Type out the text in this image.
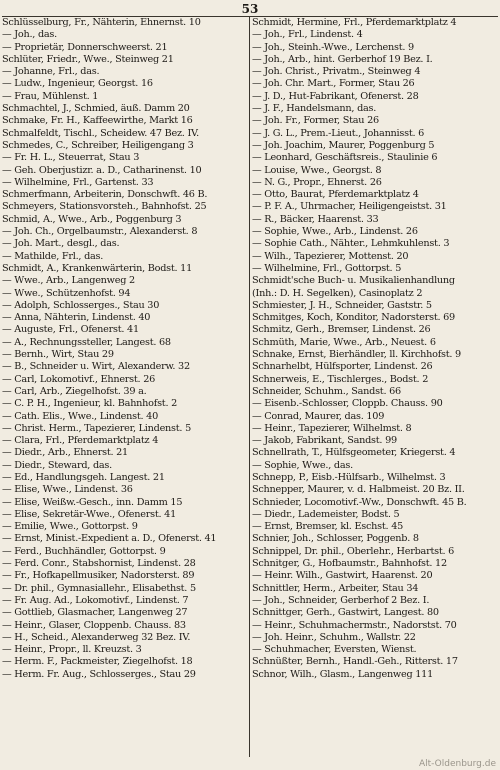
53
Schlüsselburg, Fr., Nähterin, Ehnernst. 10
— Joh., das.
— Proprietär, Donnerschweerst. 21
Schlüter, Friedr., Wwe., Steinweg 21
— Johanne, Frl., das.
— Ludw., Ingenieur, Georgst. 16
— Frau, Mühlenst. 1
Schmachtel, J., Schmied, äuß. Damm 20
Schmake, Fr. H., Kaffeewirthe, Markt 16
Schmalfeldt, Tischl., Scheidew. 47 Bez. IV.
Schmedes, C., Schreiber, Heiligengang 3
— Fr. H. L., Steuerrat, Stau 3
— Geh. Oberjustizr. a. D., Catharinenst. 10
— Wilhelmine, Frl., Gartenst. 33
Schmerfmann, Arbeiterin, Donschwft. 46 B.
Schmeyers, Stationsvorsteh., Bahnhofst. 25
Schmid, A., Wwe., Arb., Poggenburg 3
— Joh. Ch., Orgelbaumstr., Alexanderst. 8
— Joh. Mart., desgl., das.
— Mathilde, Frl., das.
Schmidt, A., Krankenwärterin, Bodst. 11
— Wwe., Arb., Langenweg 2
— Wwe., Schützenhofst. 94
— Adolph, Schlosserges., Stau 30
— Anna, Nähterin, Lindenst. 40
— Auguste, Frl., Ofenerst. 41
— A., Rechnungssteller, Langest. 68
— Bernh., Wirt, Stau 29
— B., Schneider u. Wirt, Alexanderw. 32
— Carl, Lokomotivf., Ehnerst. 26
— Carl, Arb., Ziegelhofst. 39 a.
— C. P. H., Ingenieur, kl. Bahnhofst. 2
— Cath. Elis., Wwe., Lindenst. 40
— Christ. Herm., Tapezierer, Lindenst. 5
— Clara, Frl., Pferdemarktplatz 4
— Diedr., Arb., Ehnerst. 21
— Diedr., Steward, das.
— Ed., Handlungsgeh. Langest. 21
— Elise, Wwe., Lindenst. 36
— Elise, Weißw.-Gesch., inn. Damm 15
— Elise, Sekretär-Wwe., Ofenerst. 41
— Emilie, Wwe., Gottorpst. 9
— Ernst, Minist.-Expedient a. D., Ofenerst. 41
— Ferd., Buchhändler, Gottorpst. 9
— Ferd. Conr., Stabshornist, Lindenst. 28
— Fr., Hofkapellmusiker, Nadorsterst. 89
— Dr. phil., Gymnasiallehr., Elisabethst. 5
— Fr. Aug. Ad., Lokomotivf., Lindenst. 7
— Gottlieb, Glasmacher, Langenweg 27
— Heinr., Glaser, Cloppenb. Chauss. 83
— H., Scheid., Alexanderweg 32 Bez. IV.
— Heinr., Propr., ll. Kreuzst. 3
— Herm. F., Packmeister, Ziegelhofst. 18
— Herm. Fr. Aug., Schlosserges., Stau 29
Schmidt, Hermine, Frl., Pferdemarktplatz 4
— Joh., Frl., Lindenst. 4
— Joh., Steinh.-Wwe., Lerchenst. 9
— Joh., Arb., hint. Gerberhof 19 Bez. I.
— Joh. Christ., Privatm., Steinweg 4
— Joh. Chr. Mart., Former, Stau 26
— J. D., Hut-Fabrikant, Ofenerst. 28
— J. F., Handelsmann, das.
— Joh. Fr., Former, Stau 26
— J. G. L., Prem.-Lieut., Johannisst. 6
— Joh. Joachim, Maurer, Poggenburg 5
— Leonhard, Geschäftsreis., Staulinie 6
— Louise, Wwe., Georgst. 8
— N. G., Propr., Ehnerst. 26
— Otto, Baurat, Pferdemarktplatz 4
— P. F. A., Uhrmacher, Heiligengeistst. 31
— R., Bäcker, Haarenst. 33
— Sophie, Wwe., Arb., Lindenst. 26
— Sophie Cath., Nähter., Lehmkuhlenst. 3
— Wilh., Tapezierer, Mottenst. 20
— Wilhelmine, Frl., Gottorpst. 5
Schmidt'sche Buch- u. Musikalienhandlung
(Inh.: D. H. Segelken), Casinoplatz 2
Schmiester, J. H., Schneider, Gaststr. 5
Schmitges, Koch, Konditor, Nadorsterst. 69
Schmitz, Gerh., Bremser, Lindenst. 26
Schmüth, Marie, Wwe., Arb., Neuest. 6
Schnake, Ernst, Bierhändler, ll. Kirchhofst. 9
Schnarhelbt, Hülfsporter, Lindenst. 26
Schnerweis, E., Tischlerges., Bodst. 2
Schneider, Schuhm., Sandst. 66
— Eisenb.-Schlosser, Cloppb. Chauss. 90
— Conrad, Maurer, das. 109
— Heinr., Tapezierer, Wilhelmst. 8
— Jakob, Fabrikant, Sandst. 99
Schnellrath, T., Hülfsgeometer, Kriegerst. 4
— Sophie, Wwe., das.
Schnepp, P., Eisb.-Hülfsarb., Wilhelmst. 3
Schnepper, Maurer, v. d. Halbmeist. 20 Bz. II.
Schnieder, Locomotivf.-Ww., Donschwft. 45 B.
— Diedr., Lademeister, Bodst. 5
— Ernst, Bremser, kl. Eschst. 45
Schnier, Joh., Schlosser, Poggenb. 8
Schnippel, Dr. phil., Oberlehr., Herbartst. 6
Schnitger, G., Hofbaumstr., Bahnhofst. 12
— Heinr. Wilh., Gastwirt, Haarenst. 20
Schnittler, Herm., Arbeiter, Stau 34
— Joh., Schneider, Gerberhof 2 Bez. I.
Schnittger, Gerh., Gastwirt, Langest. 80
— Heinr., Schuhmachermstr., Nadorstst. 70
— Joh. Heinr., Schuhm., Wallstr. 22
— Schuhmacher, Eversten, Wienst.
Schnüßter, Bernh., Handl.-Geh., Ritterst. 17
Schnor, Wilh., Glasm., Langenweg 111
Alt-Oldenburg.de
